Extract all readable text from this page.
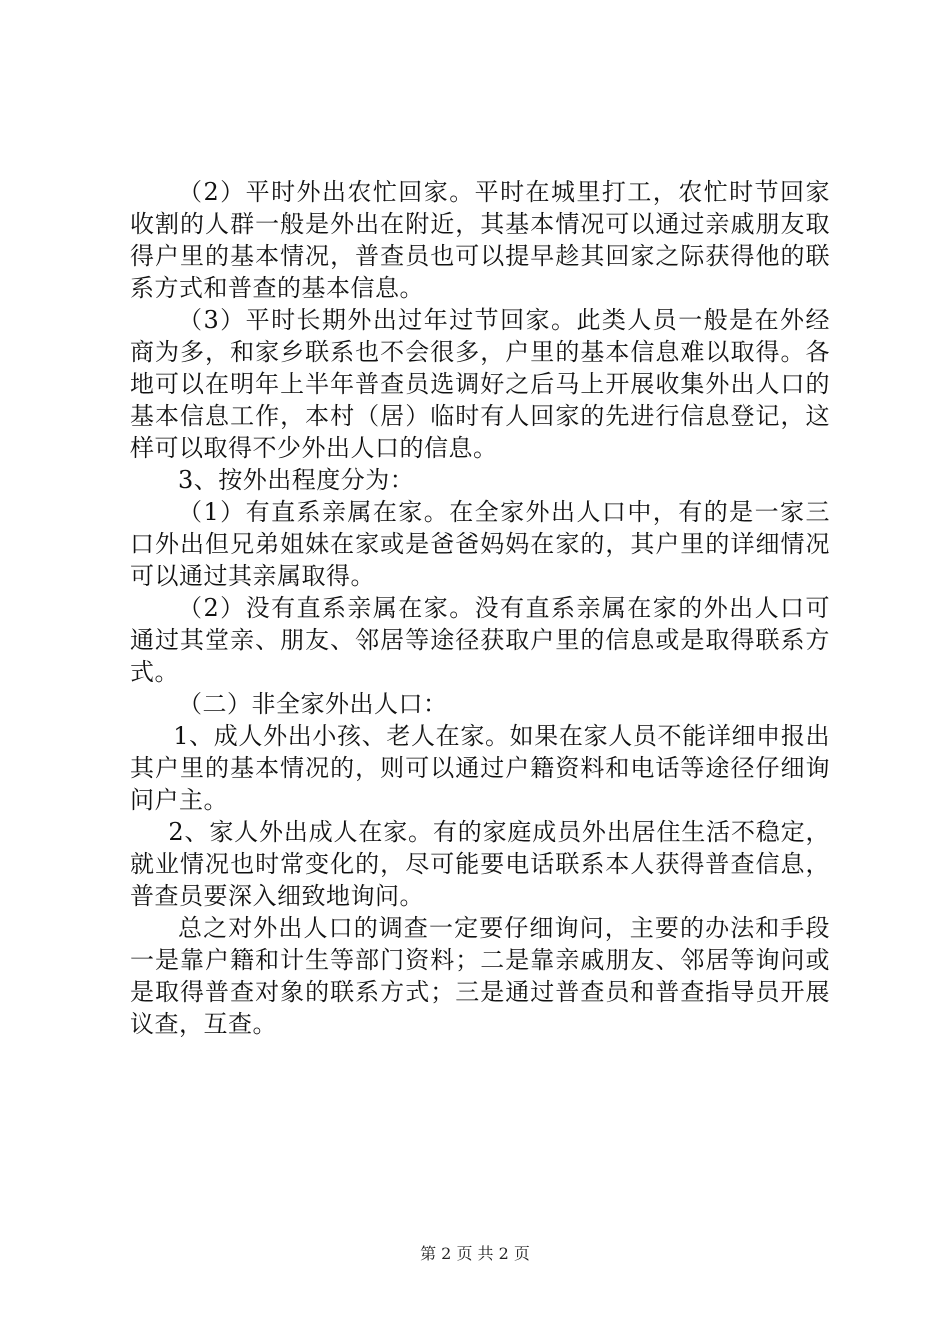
（2）平时外出农忙回家。平时在城里打工，农忙时节回家收割的人群一般是外出在附近，其基本情况可以通过亲戚朋友取得户里的基本情况，普查员也可以提早趁其回家之际获得他的联系方式和普查的基本信息。

（3）平时长期外出过年过节回家。此类人员一般是在外经商为多，和家乡联系也不会很多，户里的基本信息难以取得。各地可以在明年上半年普查员选调好之后马上开展收集外出人口的基本信息工作，本村（居）临时有人回家的先进行信息登记，这样可以取得不少外出人口的信息。

3、按外出程度分为：

（1）有直系亲属在家。在全家外出人口中，有的是一家三口外出但兄弟姐妹在家或是爸爸妈妈在家的，其户里的详细情况可以通过其亲属取得。

（2）没有直系亲属在家。没有直系亲属在家的外出人口可通过其堂亲、朋友、邻居等途径获取户里的信息或是取得联系方式。

（二）非全家外出人口：

1、成人外出小孩、老人在家。如果在家人员不能详细申报出其户里的基本情况的，则可以通过户籍资料和电话等途径仔细询问户主。

2、家人外出成人在家。有的家庭成员外出居住生活不稳定，就业情况也时常变化的，尽可能要电话联系本人获得普查信息，普查员要深入细致地询问。

总之对外出人口的调查一定要仔细询问，主要的办法和手段一是靠户籍和计生等部门资料；二是靠亲戚朋友、邻居等询问或是取得普查对象的联系方式；三是通过普查员和普查指导员开展议查，互查。

第 2 页 共 2 页
